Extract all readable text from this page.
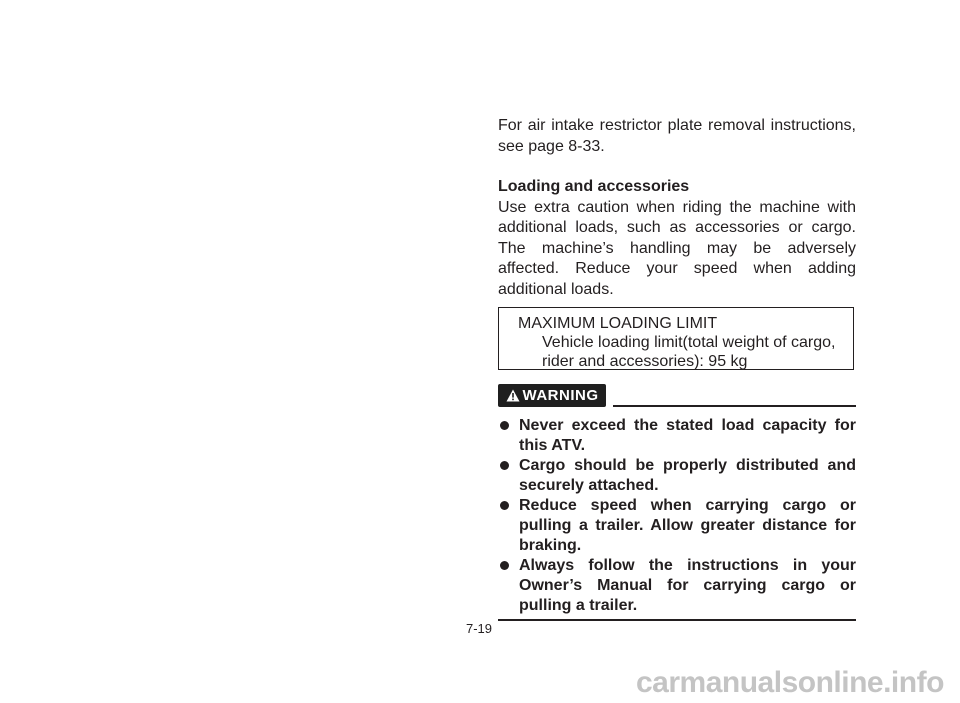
For air intake restrictor plate removal instructions, see page 8-33.

Loading and accessories

Use extra caution when riding the machine with additional loads, such as accessories or cargo. The machine’s handling may be adversely affected. Reduce your speed when adding additional loads.

MAXIMUM LOADING LIMIT

Vehicle loading limit(total weight of cargo,

rider and accessories): 95 kg

WARNING
Never exceed the stated load capacity for this ATV.
Cargo should be properly distributed and securely attached.
Reduce speed when carrying cargo or pulling a trailer. Allow greater distance for braking.
Always follow the instructions in your Owner’s Manual for carrying cargo or pulling a trailer.
7-19
carmanualsonline.info
